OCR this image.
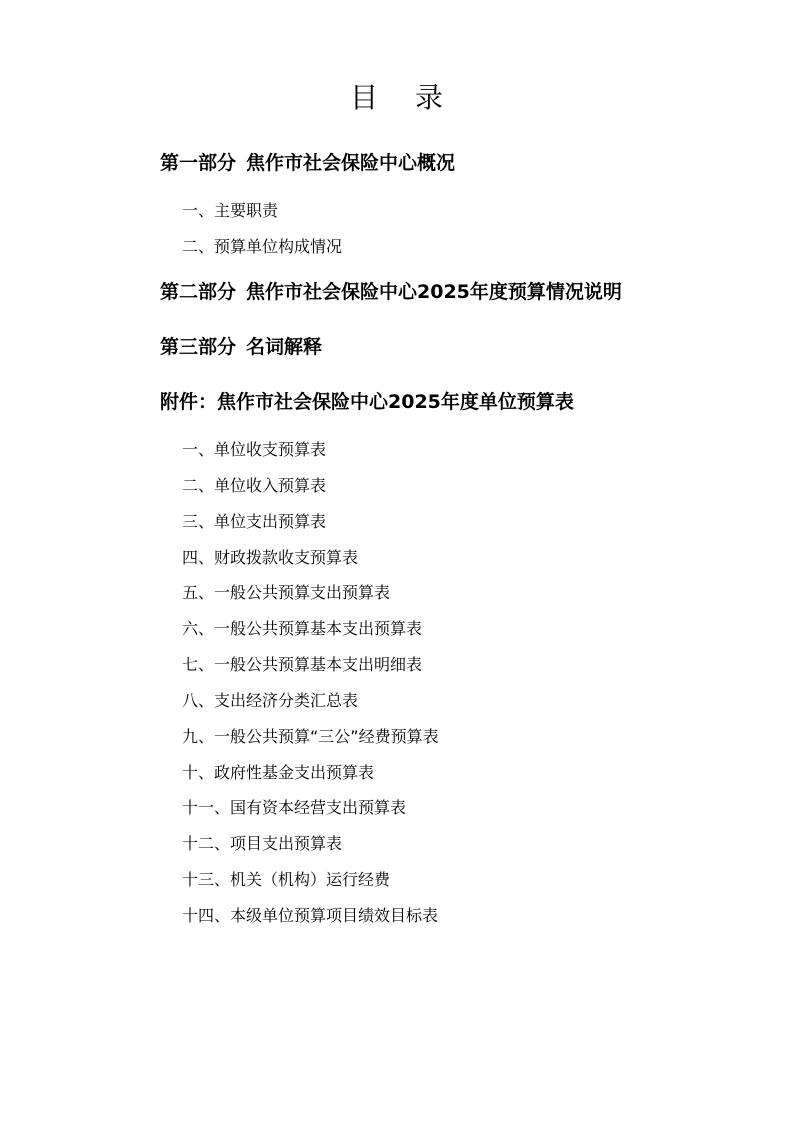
目 录
第一部分 焦作市社会保险中心概况
一、主要职责
二、预算单位构成情况
第二部分 焦作市社会保险中心2025年度预算情况说明
第三部分 名词解释
附件：焦作市社会保险中心2025年度单位预算表
一、单位收支预算表
二、单位收入预算表
三、单位支出预算表
四、财政拨款收支预算表
五、一般公共预算支出预算表
六、一般公共预算基本支出预算表
七、一般公共预算基本支出明细表
八、支出经济分类汇总表
九、一般公共预算“三公”经费预算表
十、政府性基金支出预算表
十一、国有资本经营支出预算表
十二、项目支出预算表
十三、机关（机构）运行经费
十四、本级单位预算项目绩效目标表
